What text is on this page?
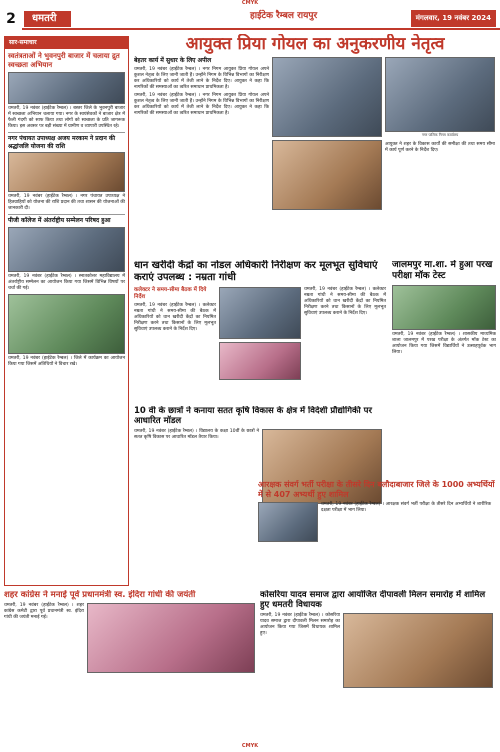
CMYK
2	धमतरी	हाईटेक रैम्बल रायपुर	मंगलवार, 19 नवंबर 2024
सार-समाचार
स्वतंत्रताओं ने भुवनपुरी बाजार में चलाया द्रुत स्वच्छता अभियान

धमतरी, 19 नवंबर (हाईटेक रैम्बल) । बस्तर जिले के भुवनपुरी बाजार में स्वच्छता अभियान चलाया गया। नगर के स्वयंसेवकों ने बाजार क्षेत्र में फैली गंदगी को साफ किया तथा लोगों को स्वच्छता के प्रति जागरूक किया। इस अवसर पर बड़ी संख्या में ग्रामीण व व्यापारी उपस्थित रहे।

नगर पंचायत उपाध्यक्ष अजय मरकाम ने प्रदान की श्रद्धांजलि योजना की राशि

धमतरी, 19 नवंबर (हाईटेक रैम्बल) । नगर पंचायत उपाध्यक्ष ने हितग्राहियों को योजना की राशि प्रदान की तथा शासन की योजनाओं की जानकारी दी।

पीजी कॉलेज में अंतर्राष्ट्रीय सम्मेलन परिषद हुआ

धमतरी, 19 नवंबर (हाईटेक रैम्बल) । स्नातकोत्तर महाविद्यालय में अंतर्राष्ट्रीय सम्मेलन का आयोजन किया गया जिसमें विभिन्न विषयों पर चर्चा की गई।

धमतरी, 19 नवंबर (हाईटेक रैम्बल) । जिले में कार्यक्रम का आयोजन किया गया जिसमें अतिथियों ने विचार रखे।

आयुक्त प्रिया गोयल का अनुकरणीय नेतृत्व
बेहतर कार्य में सुधार के लिए अपील

धमतरी, 19 नवंबर (हाईटेक रैम्बल) । नगर निगम आयुक्त प्रिया गोयल अपने कुशल नेतृत्व के लिए जानी जाती हैं। उन्होंने निगम के विभिन्न विभागों का निरीक्षण कर अधिकारियों को कार्य में तेजी लाने के निर्देश दिए। आयुक्त ने कहा कि नागरिकों की समस्याओं का त्वरित समाधान प्राथमिकता है।

धमतरी, 19 नवंबर (हाईटेक रैम्बल) । नगर निगम आयुक्त प्रिया गोयल अपने कुशल नेतृत्व के लिए जानी जाती हैं। उन्होंने निगम के विभिन्न विभागों का निरीक्षण कर अधिकारियों को कार्य में तेजी लाने के निर्देश दिए। आयुक्त ने कहा कि नागरिकों की समस्याओं का त्वरित समाधान प्राथमिकता है।

नगर पालिक निगम कार्यालय

आयुक्त ने शहर के विकास कार्यों की समीक्षा की तथा समय सीमा में कार्य पूर्ण करने के निर्देश दिए।

धान खरीदी केंद्रों का नोडल अधिकारी निरीक्षण कर मूलभूत सुविधाएं कराएं उपलब्ध : नम्रता गांधी
कलेक्टर ने समय-सीमा बैठक में दिये निर्देश

धमतरी, 19 नवंबर (हाईटेक रैम्बल) । कलेक्टर नम्रता गांधी ने समय-सीमा की बैठक में अधिकारियों को धान खरीदी केंद्रों का नियमित निरीक्षण करने तथा किसानों के लिए मूलभूत सुविधाएं उपलब्ध कराने के निर्देश दिए।

धमतरी, 19 नवंबर (हाईटेक रैम्बल) । कलेक्टर नम्रता गांधी ने समय-सीमा की बैठक में अधिकारियों को धान खरीदी केंद्रों का नियमित निरीक्षण करने तथा किसानों के लिए मूलभूत सुविधाएं उपलब्ध कराने के निर्देश दिए।

जालमपुर मा.शा. में हुआ परख परीक्षा मॉक टेस्ट

धमतरी, 19 नवंबर (हाईटेक रैम्बल) । शासकीय माध्यमिक शाला जालमपुर में परख परीक्षा के अंतर्गत मॉक टेस्ट का आयोजन किया गया जिसमें विद्यार्थियों ने उत्साहपूर्वक भाग लिया।

10 वी के छात्रों ने कनाया सतत कृषि विकास के क्षेत्र में विदेशी प्रौद्योगिकी पर आधारित मॉडल

धमतरी, 19 नवंबर (हाईटेक रैम्बल) । विद्यालय के कक्षा 10वीं के छात्रों ने सतत कृषि विकास पर आधारित मॉडल तैयार किया।

आरक्षक संवर्ग भर्ती परीक्षा के तीसरे दिन बलौदाबाजार जिले के 1000 अभ्यर्थियों में से 407 अभ्यर्थी हुए शामिल

धमतरी, 19 नवंबर (हाईटेक रैम्बल) । आरक्षक संवर्ग भर्ती परीक्षा के तीसरे दिन अभ्यर्थियों ने शारीरिक दक्षता परीक्षा में भाग लिया।

शहर कांग्रेस ने मनाई पूर्व प्रधानमंत्री स्व. इंदिरा गांधी की जयंती

धमतरी, 19 नवंबर (हाईटेक रैम्बल) । शहर कांग्रेस कमेटी द्वारा पूर्व प्रधानमंत्री स्व. इंदिरा गांधी की जयंती मनाई गई।

कोसरिया यादव समाज द्वारा आयोजित दीपावली मिलन समारोह में शामिल हुए धमतरी विधायक

धमतरी, 19 नवंबर (हाईटेक रैम्बल) । कोसरिया यादव समाज द्वारा दीपावली मिलन समारोह का आयोजन किया गया जिसमें विधायक शामिल हुए।

CMYK
